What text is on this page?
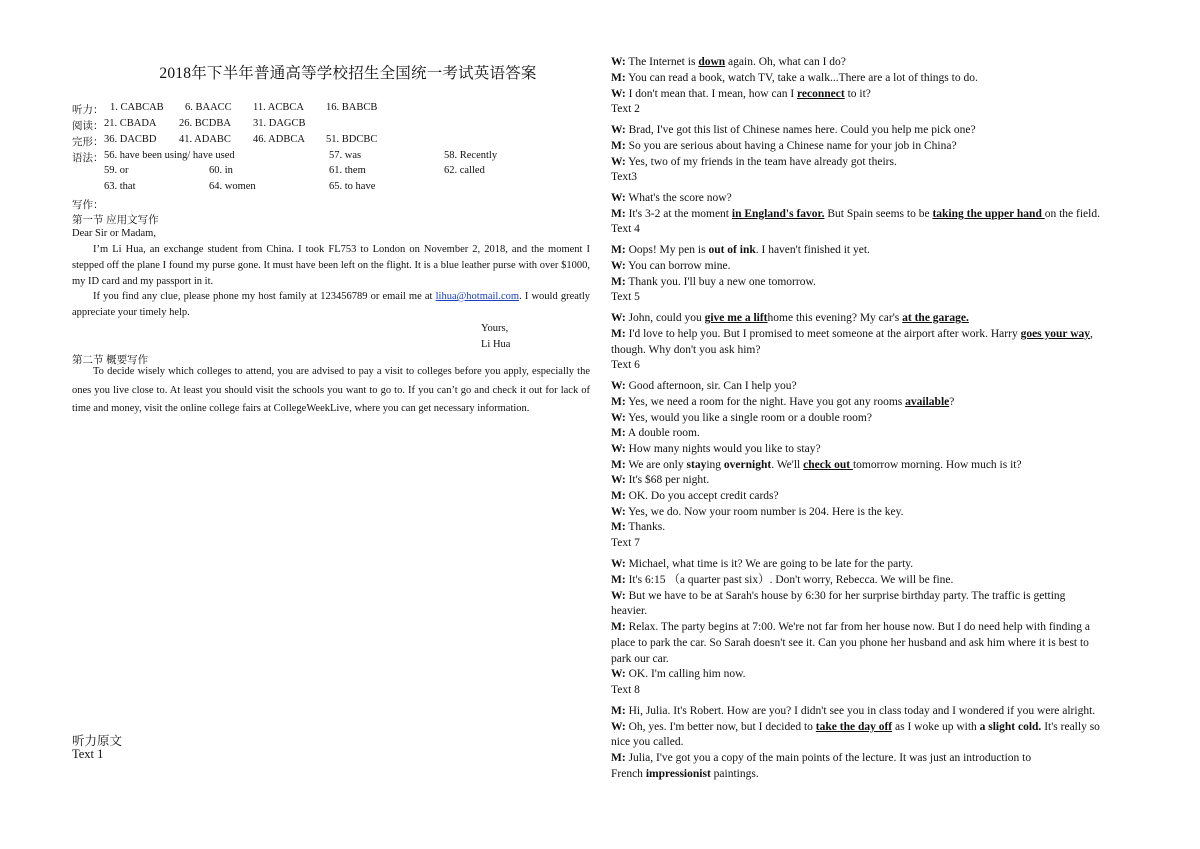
2018年下半年普通高等学校招生全国统一考试英语答案
听力： 1. CABCAB 6. BAACC 11. ACBCA 16. BABCB
阅读： 21. CBADA 26. BCDBA 31. DAGCB
完形： 36. DACBD 41. ADABC 46. ADBCA 51. BDCBC
语法： 56. have been using/ have used	57. was	58. Recently
59. or	60. in	61. them	62. called
63. that	64. women	65. to have
写作：
第一节 应用文写作
Dear Sir or Madam,
I’m Li Hua, an exchange student from China. I took FL753 to London on November 2, 2018, and the moment I stepped off the plane I found my purse gone. It must have been left on the flight. It is a blue leather purse with over $1000, my ID card and my passport in it.
If you find any clue, please phone my host family at 123456789 or email me at lihua@hotmail.com. I would greatly appreciate your timely help.
Yours,
Li Hua
第二节 概要写作
To decide wisely which colleges to attend, you are advised to pay a visit to colleges before you apply, especially the ones you live close to. At least you should visit the schools you want to go to. If you can’t go and check it out for lack of time and money, visit the online college fairs at CollegeWeekLive, where you can get necessary information.
听力原文
Text 1
W: The Internet is down again. Oh, what can I do?
M: You can read a book, watch TV, take a walk...There are a lot of things to do.
W: I don't mean that. I mean, how can I reconnect to it?
Text 2
W: Brad, I've got this list of Chinese names here. Could you help me pick one?
M: So you are serious about having a Chinese name for your job in China?
W: Yes, two of my friends in the team have already got theirs.
Text3
W: What's the score now?
M: It's 3-2 at the moment in England's favor. But Spain seems to be taking the upper hand on the field.
Text 4
M: Oops! My pen is out of ink. I haven't finished it yet.
W: You can borrow mine.
M: Thank you. I'll buy a new one tomorrow.
Text 5
W: John, could you give me a lifthome this evening? My car's at the garage.
M: I'd love to help you. But I promised to meet someone at the airport after work. Harry goes your way,
though. Why don't you ask him?
Text 6
W: Good afternoon, sir. Can I help you?
M: Yes, we need a room for the night. Have you got any rooms available?
W: Yes, would you like a single room or a double room?
M: A double room.
W: How many nights would you like to stay?
M: We are only staying overnight. We'll check out tomorrow morning. How much is it?
W: It's $68 per night.
M: OK. Do you accept credit cards?
W: Yes, we do. Now your room number is 204. Here is the key.
M: Thanks.
Text 7
W: Michael, what time is it? We are going to be late for the party.
M: It's 6:15 （a quarter past six）. Don't worry, Rebecca. We will be fine.
W: But we have to be at Sarah's house by 6:30 for her surprise birthday party. The traffic is getting
heavier.
M: Relax. The party begins at 7:00. We're not far from her house now. But I do need help with finding a
place to park the car. So Sarah doesn't see it. Can you phone her husband and ask him where it is best to
park our car.
W: OK. I'm calling him now.
Text 8
M: Hi, Julia. It's Robert. How are you? I didn't see you in class today and I wondered if you were alright.
W: Oh, yes. I'm better now, but I decided to take the day off as I woke up with a slight cold. It's really so
nice you called.
M: Julia, I've got you a copy of the main points of the lecture. It was just an introduction to
French impressionist paintings.
